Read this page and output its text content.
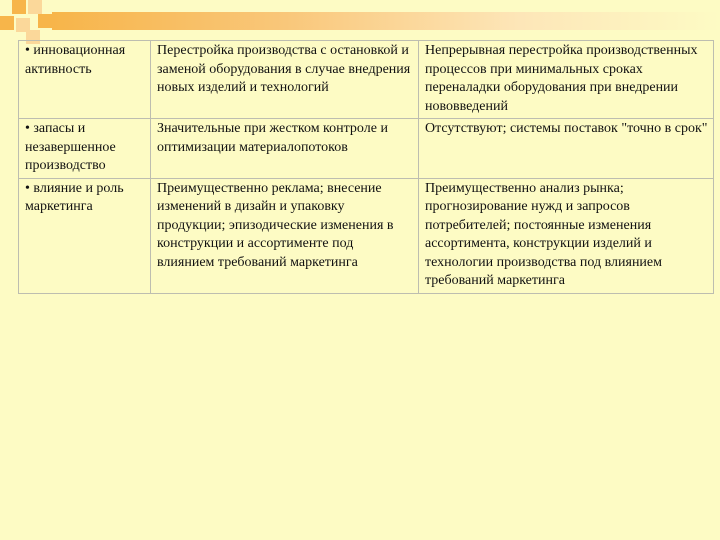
• инновационная активность	Перестройка производства с остановкой и заменой оборудования в случае внедрения новых изделий и технологий	Непрерывная перестройка производственных процессов при минимальных сроках переналадки оборудования при внедрении нововведений
• запасы и незавершенное производство	Значительные при жестком контроле и оптимизации материалопотоков	Отсутствуют; системы поставок "точно в срок"
• влияние и роль маркетинга	Преимущественно реклама; внесение изменений в дизайн и упаковку продукции; эпизодические изменения в конструкции и ассортименте под влиянием требований маркетинга	Преимущественно анализ рынка; прогнозирование нужд и запросов потребителей; постоянные изменения ассортимента, конструкции изделий и технологии производства под влиянием требований маркетинга
